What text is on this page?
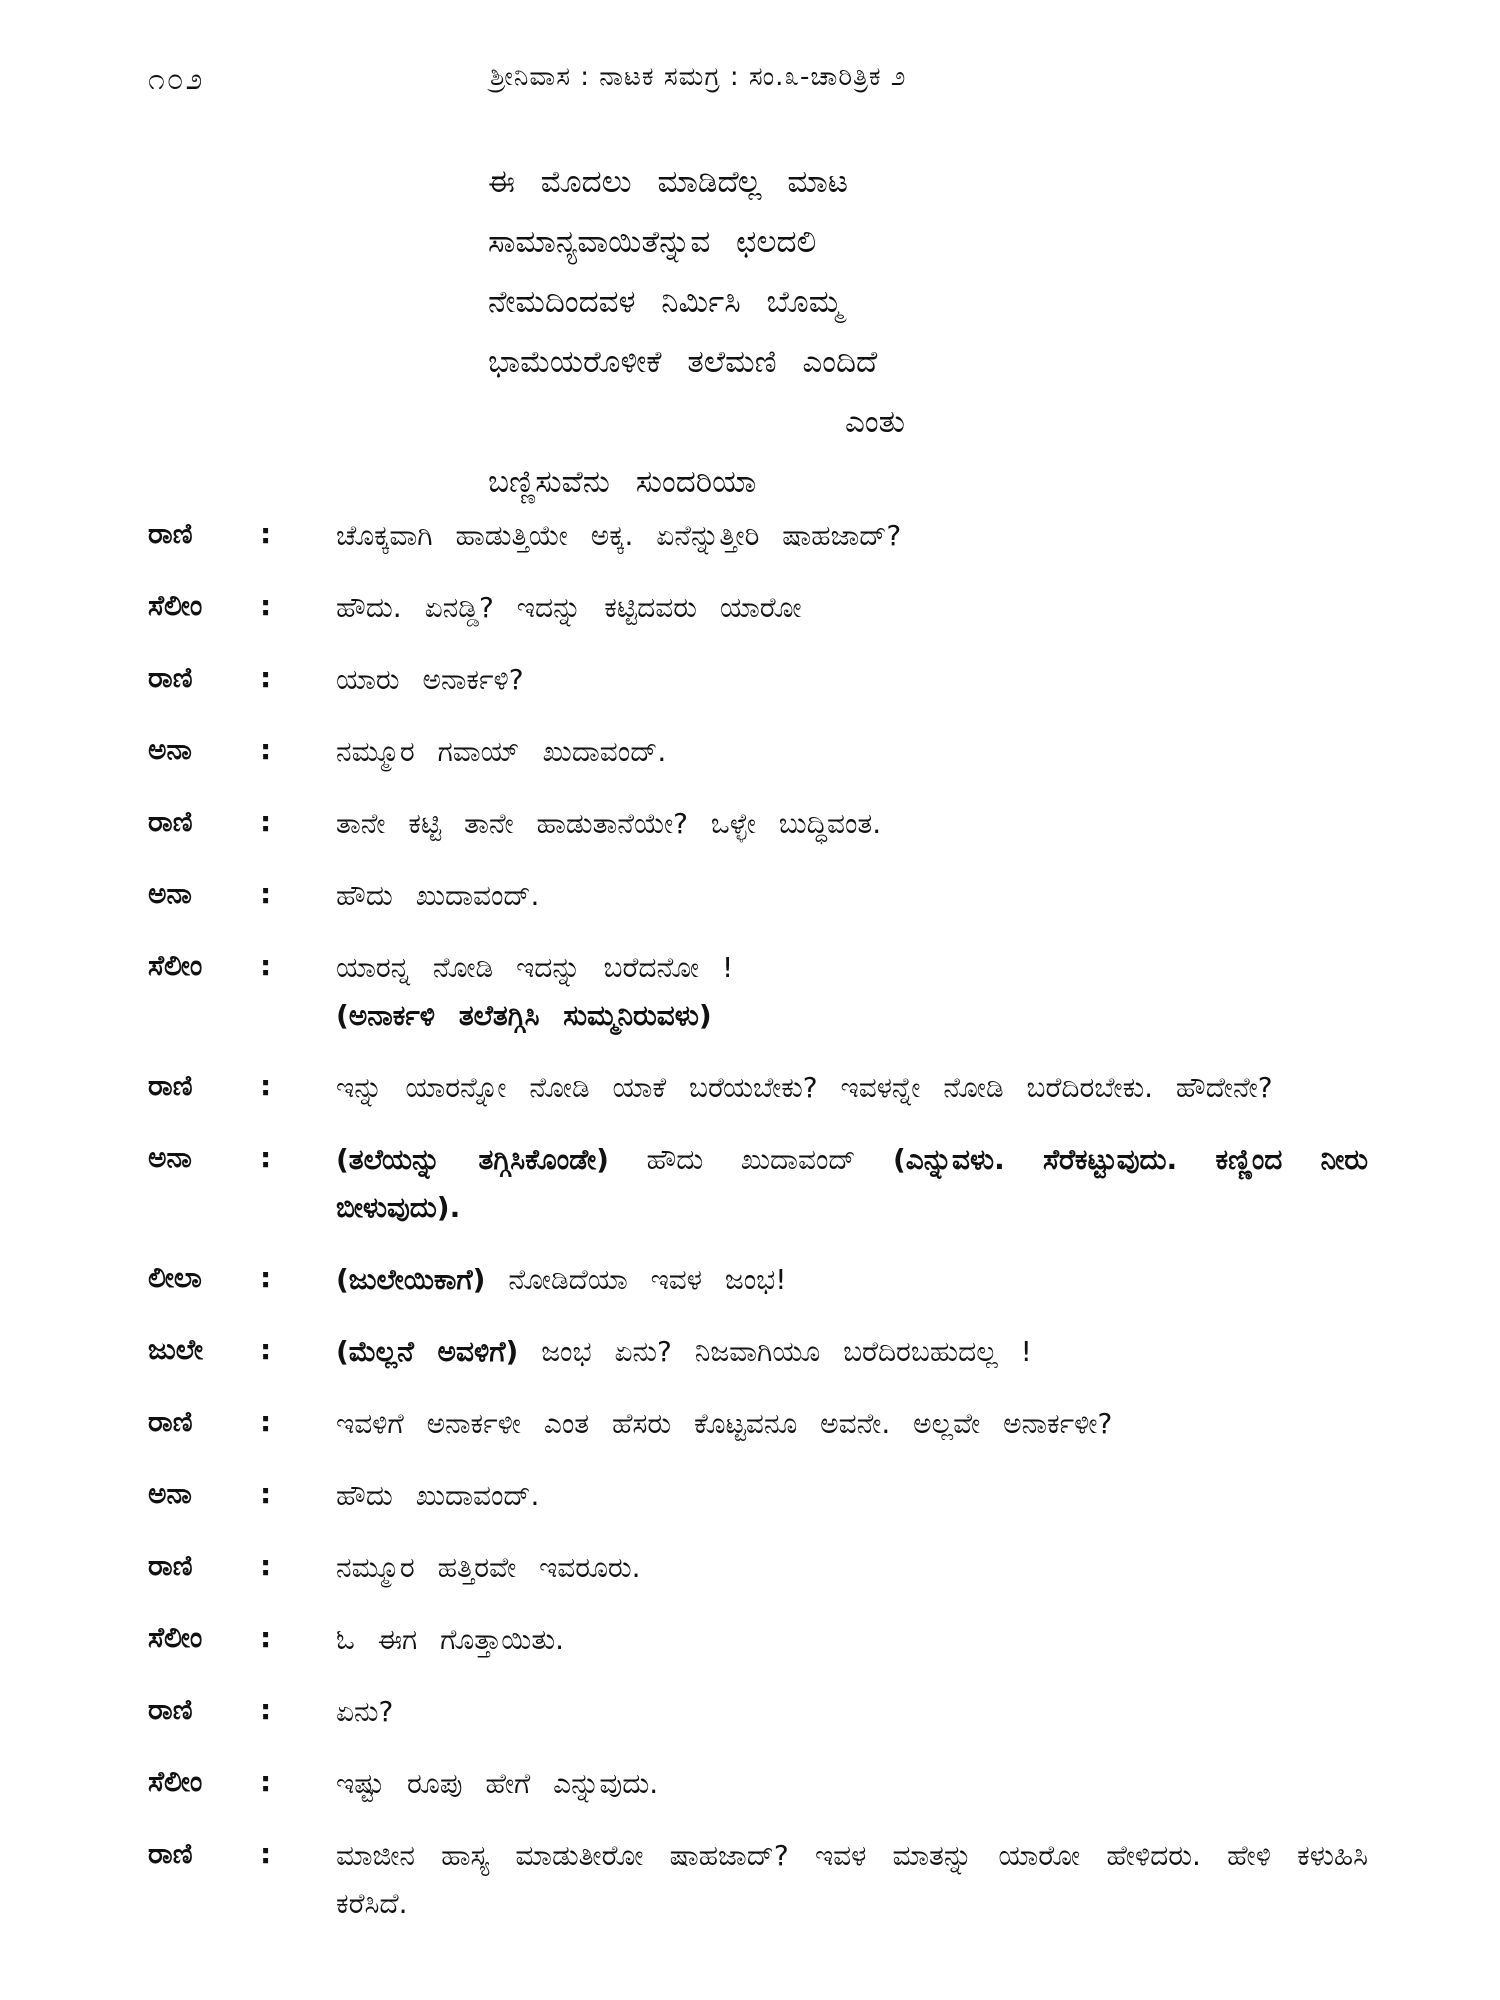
೧೦೨	ಶ್ರೀನಿವಾಸ : ನಾಟಕ ಸಮಗ್ರ : ಸಂ.೩-ಚಾರಿತ್ರಿಕ ೨
ಈ ಮೊದಲು ಮಾಡಿದೆಲ್ಲ ಮಾಟ
ಸಾಮಾನ್ಯವಾಯಿತೆನ್ನುವ ಛಲದಲಿ
ನೇಮದಿಂದವಳ ನಿರ್ಮಿಸಿ ಬೊಮ್ಮ
ಭಾಮೆಯರೊಳೀಕೆ ತಲೆಮಣಿ ಎಂದಿದೆ
ಎಂತು
ಬಣ್ಣಿಸುವೆನು ಸುಂದರಿಯಾ
ರಾಣಿ	:	ಚೊಕ್ಕವಾಗಿ ಹಾಡುತ್ತಿಯೇ ಅಕ್ಕ. ಏನೆನ್ನುತ್ತೀರಿ ಷಾಹಜಾದ್?
ಸೆಲೀಂ	:	ಹೌದು. ಏನಡ್ಡಿ? ಇದನ್ನು ಕಟ್ಟಿದವರು ಯಾರೋ
ರಾಣಿ	:	ಯಾರು ಅನಾರ್ಕಳಿ?
ಅನಾ	:	ನಮ್ಮೂರ ಗವಾಯ್ ಖುದಾವಂದ್.
ರಾಣಿ	:	ತಾನೇ ಕಟ್ಟಿ ತಾನೇ ಹಾಡುತಾನೆಯೇ? ಒಳ್ಳೇ ಬುದ್ಧಿವಂತ.
ಅನಾ	:	ಹೌದು ಖುದಾವಂದ್.
ಸೆಲೀಂ	:	ಯಾರನ್ನ ನೋಡಿ ಇದನ್ನು ಬರೆದನೋ !
(ಅನಾರ್ಕಳಿ ತಲೆತಗ್ಗಿಸಿ ಸುಮ್ಮನಿರುವಳು)
ರಾಣಿ	:	ಇನ್ನು ಯಾರನ್ನೋ ನೋಡಿ ಯಾಕೆ ಬರೆಯಬೇಕು? ಇವಳನ್ನೇ ನೋಡಿ ಬರೆದಿರಬೇಕು. ಹೌದೇನೇ?
ಅನಾ	:	(ತಲೆಯನ್ನು ತಗ್ಗಿಸಿಕೊಂಡೇ) ಹೌದು ಖುದಾವಂದ್ (ಎನ್ನುವಳು. ಸೆರೆಕಟ್ಟುವುದು. ಕಣ್ಣಿಂದ ನೀರು ಬೀಳುವುದು).
ಲೀಲಾ	:	(ಜುಲೇಯಿಕಾಗೆ) ನೋಡಿದೆಯಾ ಇವಳ ಜಂಭ!
ಜುಲೇ	:	(ಮೆಲ್ಲನೆ ಅವಳಿಗೆ) ಜಂಭ ಏನು? ನಿಜವಾಗಿಯೂ ಬರೆದಿರಬಹುದಲ್ಲ !
ರಾಣಿ	:	ಇವಳಿಗೆ ಅನಾರ್ಕಳೀ ಎಂತ ಹೆಸರು ಕೊಟ್ಟವನೂ ಅವನೇ. ಅಲ್ಲವೇ ಅನಾರ್ಕಳೀ?
ಅನಾ	:	ಹೌದು ಖುದಾವಂದ್.
ರಾಣಿ	:	ನಮ್ಮೂರ ಹತ್ತಿರವೇ ಇವರೂರು.
ಸೆಲೀಂ	:	ಓ ಈಗ ಗೊತ್ತಾಯಿತು.
ರಾಣಿ	:	ಏನು?
ಸೆಲೀಂ	:	ಇಷ್ಟು ರೂಪು ಹೇಗೆ ಎನ್ನುವುದು.
ರಾಣಿ	:	ಮಾಜೀನ ಹಾಸ್ಯ ಮಾಡುತೀರೋ ಷಾಹಜಾದ್? ಇವಳ ಮಾತನ್ನು ಯಾರೋ ಹೇಳಿದರು. ಹೇಳಿ ಕಳುಹಿಸಿ ಕರೆಸಿದೆ.
